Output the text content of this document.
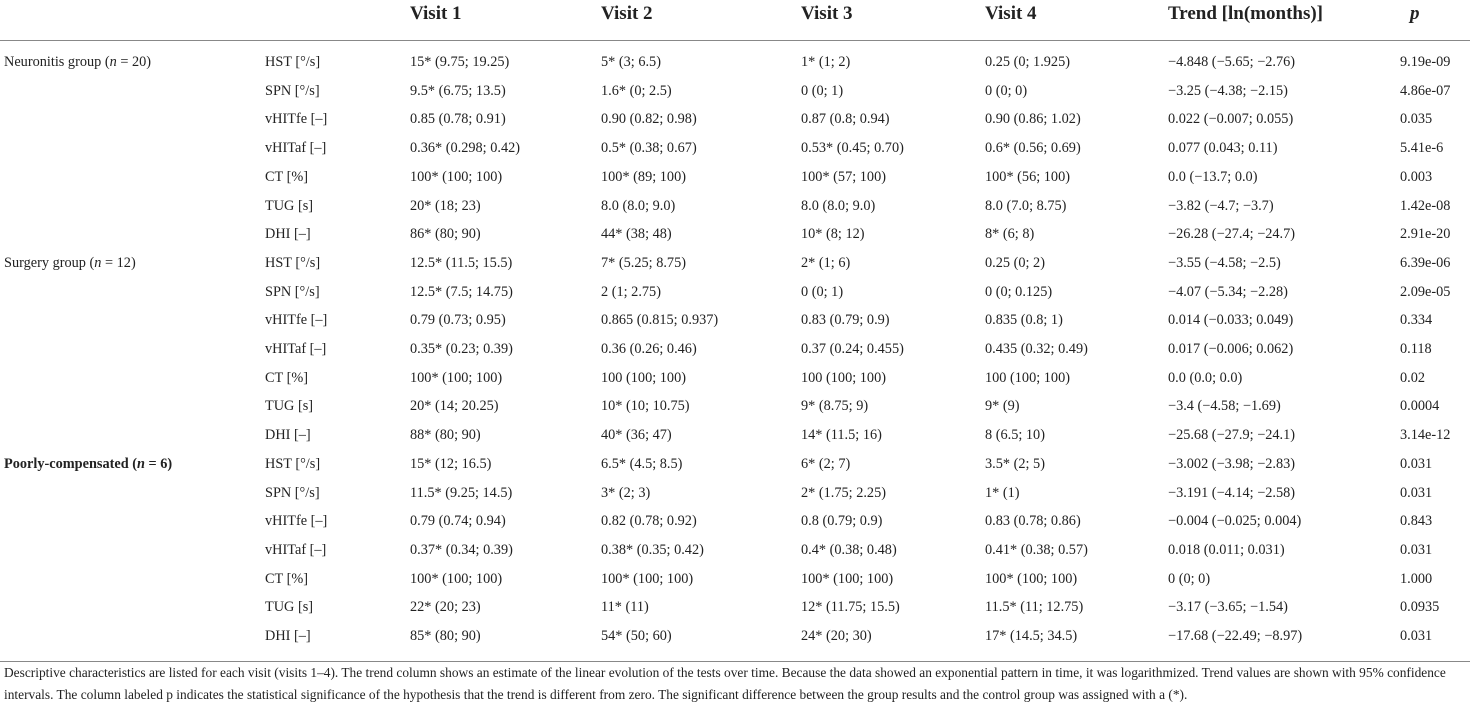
Visit 1	Visit 2	Visit 3	Visit 4	Trend [ln(months)]	p
Neuronitis group (n = 20)	HST [°/s]	15* (9.75; 19.25)	5* (3; 6.5)	1* (1; 2)	0.25 (0; 1.925)	−4.848 (−5.65; −2.76)	9.19e-09
SPN [°/s]	9.5* (6.75; 13.5)	1.6* (0; 2.5)	0 (0; 1)	0 (0; 0)	−3.25 (−4.38; −2.15)	4.86e-07
vHITfe [–]	0.85 (0.78; 0.91)	0.90 (0.82; 0.98)	0.87 (0.8; 0.94)	0.90 (0.86; 1.02)	0.022 (−0.007; 0.055)	0.035
vHITaf [–]	0.36* (0.298; 0.42)	0.5* (0.38; 0.67)	0.53* (0.45; 0.70)	0.6* (0.56; 0.69)	0.077 (0.043; 0.11)	5.41e-6
CT [%]	100* (100; 100)	100* (89; 100)	100* (57; 100)	100* (56; 100)	0.0 (−13.7; 0.0)	0.003
TUG [s]	20* (18; 23)	8.0 (8.0; 9.0)	8.0 (8.0; 9.0)	8.0 (7.0; 8.75)	−3.82 (−4.7; −3.7)	1.42e-08
DHI [–]	86* (80; 90)	44* (38; 48)	10* (8; 12)	8* (6; 8)	−26.28 (−27.4; −24.7)	2.91e-20
Surgery group (n = 12)	HST [°/s]	12.5* (11.5; 15.5)	7* (5.25; 8.75)	2* (1; 6)	0.25 (0; 2)	−3.55 (−4.58; −2.5)	6.39e-06
SPN [°/s]	12.5* (7.5; 14.75)	2 (1; 2.75)	0 (0; 1)	0 (0; 0.125)	−4.07 (−5.34; −2.28)	2.09e-05
vHITfe [–]	0.79 (0.73; 0.95)	0.865 (0.815; 0.937)	0.83 (0.79; 0.9)	0.835 (0.8; 1)	0.014 (−0.033; 0.049)	0.334
vHITaf [–]	0.35* (0.23; 0.39)	0.36 (0.26; 0.46)	0.37 (0.24; 0.455)	0.435 (0.32; 0.49)	0.017 (−0.006; 0.062)	0.118
CT [%]	100* (100; 100)	100 (100; 100)	100 (100; 100)	100 (100; 100)	0.0 (0.0; 0.0)	0.02
TUG [s]	20* (14; 20.25)	10* (10; 10.75)	9* (8.75; 9)	9* (9)	−3.4 (−4.58; −1.69)	0.0004
DHI [–]	88* (80; 90)	40* (36; 47)	14* (11.5; 16)	8 (6.5; 10)	−25.68 (−27.9; −24.1)	3.14e-12
Poorly-compensated (n = 6)	HST [°/s]	15* (12; 16.5)	6.5* (4.5; 8.5)	6* (2; 7)	3.5* (2; 5)	−3.002 (−3.98; −2.83)	0.031
SPN [°/s]	11.5* (9.25; 14.5)	3* (2; 3)	2* (1.75; 2.25)	1* (1)	−3.191 (−4.14; −2.58)	0.031
vHITfe [–]	0.79 (0.74; 0.94)	0.82 (0.78; 0.92)	0.8 (0.79; 0.9)	0.83 (0.78; 0.86)	−0.004 (−0.025; 0.004)	0.843
vHITaf [–]	0.37* (0.34; 0.39)	0.38* (0.35; 0.42)	0.4* (0.38; 0.48)	0.41* (0.38; 0.57)	0.018 (0.011; 0.031)	0.031
CT [%]	100* (100; 100)	100* (100; 100)	100* (100; 100)	100* (100; 100)	0 (0; 0)	1.000
TUG [s]	22* (20; 23)	11* (11)	12* (11.75; 15.5)	11.5* (11; 12.75)	−3.17 (−3.65; −1.54)	0.0935
DHI [–]	85* (80; 90)	54* (50; 60)	24* (20; 30)	17* (14.5; 34.5)	−17.68 (−22.49; −8.97)	0.031
Descriptive characteristics are listed for each visit (visits 1–4). The trend column shows an estimate of the linear evolution of the tests over time. Because the data showed an exponential pattern in time, it was logarithmized. Trend values are shown with 95% confidence intervals. The column labeled p indicates the statistical significance of the hypothesis that the trend is different from zero. The significant difference between the group results and the control group was assigned with a (*).
